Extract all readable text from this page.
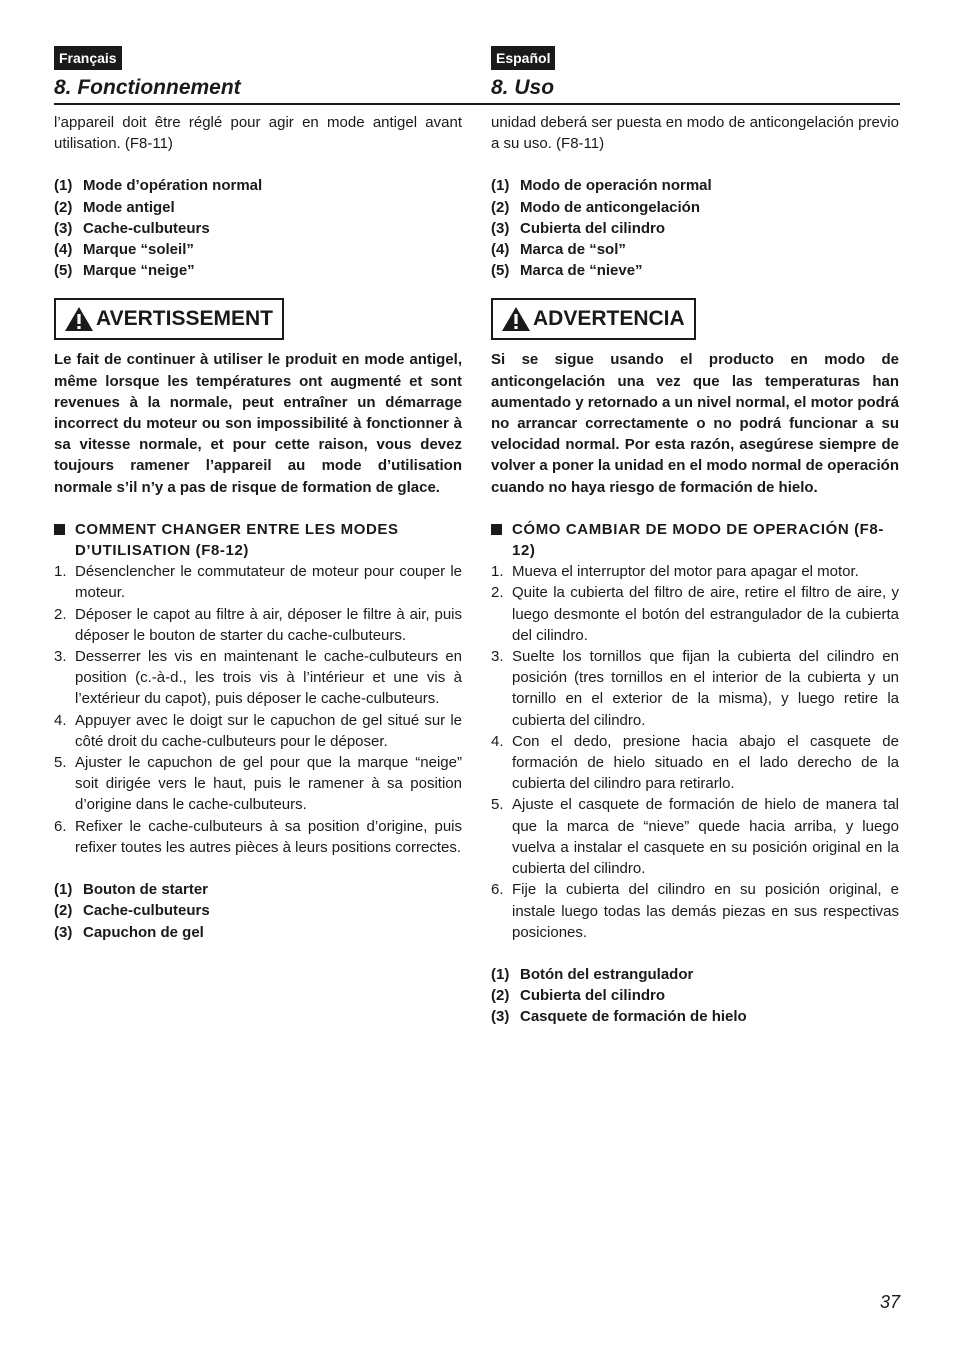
Français
8. Fonctionnement

l’appareil doit être réglé pour agir en mode antigel avant utilisation. (F8-11)

(1) Mode d’opération normal
(2) Mode antigel
(3) Cache-culbuteurs
(4) Marque “soleil”
(5) Marque “neige”
AVERTISSEMENT

Le fait de continuer à utiliser le produit en mode antigel, même lorsque les températures ont augmenté et sont revenues à la normale, peut entraîner un démarrage incorrect du moteur ou son impossibilité à fonctionner à sa vitesse normale, et pour cette raison, vous devez toujours ramener l’appareil au mode d’utilisation normale s’il n’y a pas de risque de formation de glace.

COMMENT CHANGER ENTRE LES MODES D’UTILISATION (F8-12)
1. Désenclencher le commutateur de moteur pour couper le moteur.
2. Déposer le capot au filtre à air, déposer le filtre à air, puis déposer le bouton de starter du cache-culbuteurs.
3. Desserrer les vis en maintenant le cache-culbuteurs en position (c.-à-d., les trois vis à l’intérieur et une vis à l’extérieur du capot), puis déposer le cache-culbuteurs.
4. Appuyer avec le doigt sur le capuchon de gel situé sur le côté droit du cache-culbuteurs pour le déposer.
5. Ajuster le capuchon de gel pour que la marque “neige” soit dirigée vers le haut, puis le ramener à sa position d’origine dans le cache-culbuteurs.
6. Refixer le cache-culbuteurs à sa position d’origine, puis refixer toutes les autres pièces à leurs positions correctes.
(1) Bouton de starter
(2) Cache-culbuteurs
(3) Capuchon de gel
Español
8. Uso

unidad deberá ser puesta en modo de anticongelación previo a su uso. (F8-11)

(1) Modo de operación normal
(2) Modo de anticongelación
(3) Cubierta del cilindro
(4) Marca de “sol”
(5) Marca de “nieve”
ADVERTENCIA

Si se sigue usando el producto en modo de anticongelación una vez que las temperaturas han aumentado y retornado a un nivel normal, el motor podrá no arrancar correctamente o no podrá funcionar a su velocidad normal. Por esta razón, asegúrese siempre de volver a poner la unidad en el modo normal de operación cuando no haya riesgo de formación de hielo.

CÓMO CAMBIAR DE MODO DE OPERACIÓN (F8-12)
1. Mueva el interruptor del motor para apagar el motor.
2. Quite la cubierta del filtro de aire, retire el filtro de aire, y luego desmonte el botón del estrangulador de la cubierta del cilindro.
3. Suelte los tornillos que fijan la cubierta del cilindro en posición (tres tornillos en el interior de la cubierta y un tornillo en el exterior de la misma), y luego retire la cubierta del cilindro.
4. Con el dedo, presione hacia abajo el casquete de formación de hielo situado en el lado derecho de la cubierta del cilindro para retirarlo.
5. Ajuste el casquete de formación de hielo de manera tal que la marca de “nieve” quede hacia arriba, y luego vuelva a instalar el casquete en su posición original en la cubierta del cilindro.
6. Fije la cubierta del cilindro en su posición original, e instale luego todas las demás piezas en sus respectivas posiciones.
(1) Botón del estrangulador
(2) Cubierta del cilindro
(3) Casquete de formación de hielo
37
